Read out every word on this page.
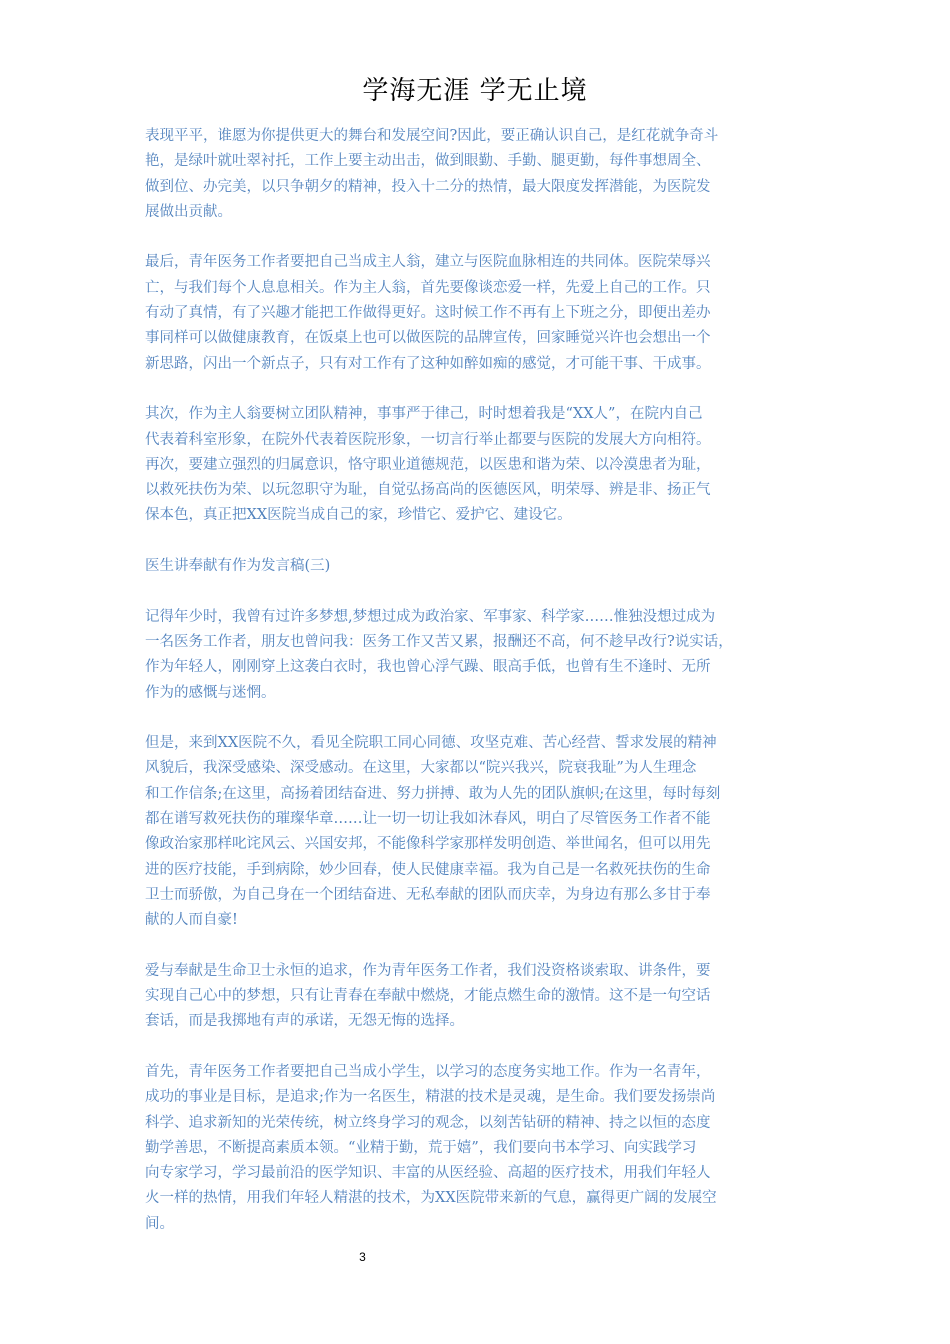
学海无涯 学无止境
表现平平，谁愿为你提供更大的舞台和发展空间?因此，要正确认识自己，是红花就争奇斗
艳，是绿叶就吐翠衬托，工作上要主动出击，做到眼勤、手勤、腿更勤，每件事想周全、
做到位、办完美，以只争朝夕的精神，投入十二分的热情，最大限度发挥潜能，为医院发
展做出贡献。
最后，青年医务工作者要把自己当成主人翁，建立与医院血脉相连的共同体。医院荣辱兴
亡，与我们每个人息息相关。作为主人翁，首先要像谈恋爱一样，先爱上自己的工作。只
有动了真情，有了兴趣才能把工作做得更好。这时候工作不再有上下班之分，即便出差办
事同样可以做健康教育，在饭桌上也可以做医院的品牌宣传，回家睡觉兴许也会想出一个
新思路，闪出一个新点子，只有对工作有了这种如醉如痴的感觉，才可能干事、干成事。
其次，作为主人翁要树立团队精神，事事严于律己，时时想着我是“XX人”，在院内自己
代表着科室形象，在院外代表着医院形象，一切言行举止都要与医院的发展大方向相符。
再次，要建立强烈的归属意识，恪守职业道德规范，以医患和谐为荣、以冷漠患者为耻，
以救死扶伤为荣、以玩忽职守为耻，自觉弘扬高尚的医德医风，明荣辱、辨是非、扬正气
保本色，真正把XX医院当成自己的家，珍惜它、爱护它、建设它。
医生讲奉献有作为发言稿(三)
记得年少时，我曾有过许多梦想,梦想过成为政治家、军事家、科学家……惟独没想过成为
一名医务工作者，朋友也曾问我：医务工作又苦又累，报酬还不高，何不趁早改行?说实话，
作为年轻人，刚刚穿上这袭白衣时，我也曾心浮气躁、眼高手低，也曾有生不逢时、无所
作为的感慨与迷惘。
但是，来到XX医院不久，看见全院职工同心同德、攻坚克难、苦心经营、誓求发展的精神
风貌后，我深受感染、深受感动。在这里，大家都以“院兴我兴，院衰我耻”为人生理念
和工作信条;在这里，高扬着团结奋进、努力拼搏、敢为人先的团队旗帜;在这里，每时每刻
都在谱写救死扶伤的璀璨华章……让一切一切让我如沐春风，明白了尽管医务工作者不能
像政治家那样叱诧风云、兴国安邦，不能像科学家那样发明创造、举世闻名，但可以用先
进的医疗技能，手到病除，妙少回春，使人民健康幸福。我为自己是一名救死扶伤的生命
卫士而骄傲，为自己身在一个团结奋进、无私奉献的团队而庆幸，为身边有那么多甘于奉
献的人而自豪!
爱与奉献是生命卫士永恒的追求，作为青年医务工作者，我们没资格谈索取、讲条件，要
实现自己心中的梦想，只有让青春在奉献中燃烧，才能点燃生命的激情。这不是一句空话
套话，而是我掷地有声的承诺，无怨无悔的选择。
首先，青年医务工作者要把自己当成小学生，以学习的态度务实地工作。作为一名青年，
成功的事业是目标，是追求;作为一名医生，精湛的技术是灵魂，是生命。我们要发扬崇尚
科学、追求新知的光荣传统，树立终身学习的观念，以刻苦钻研的精神、持之以恒的态度
勤学善思，不断提高素质本领。“业精于勤，荒于嬉”，我们要向书本学习、向实践学习
向专家学习，学习最前沿的医学知识、丰富的从医经验、高超的医疗技术，用我们年轻人
火一样的热情，用我们年轻人精湛的技术，为XX医院带来新的气息，赢得更广阔的发展空
间。
3
